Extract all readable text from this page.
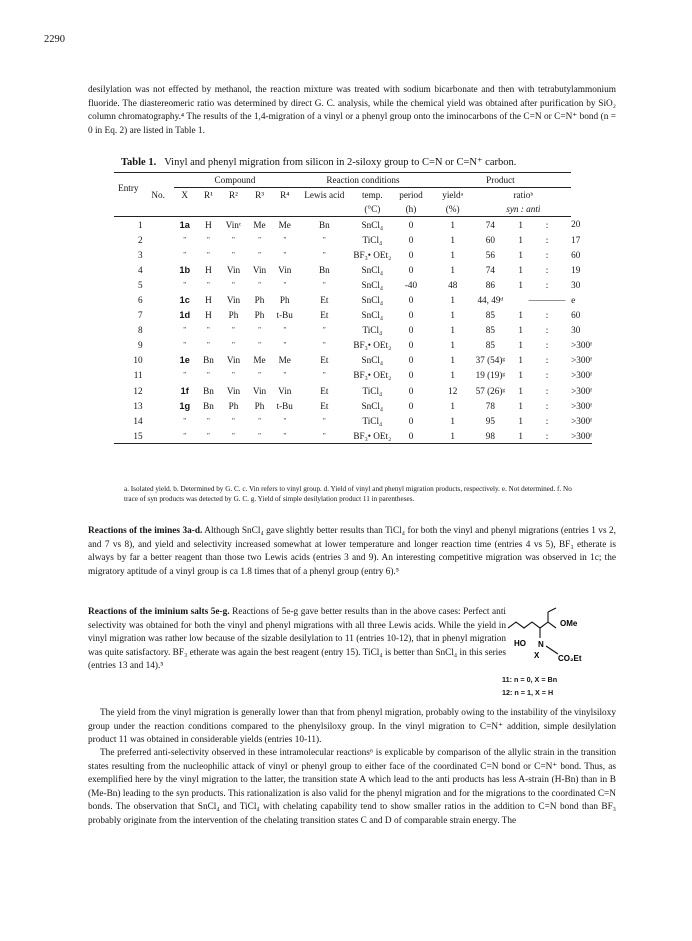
2290

desilylation was not effected by methanol, the reaction mixture was treated with sodium bicarbonate and then with tetrabutylammonium fluoride. The diastereomeric ratio was determined by direct G. C. analysis, while the chemical yield was obtained after purification by SiO₂ column chromatography.⁴ The results of the 1,4-migration of a vinyl or a phenyl group onto the iminocarbons of the C=N or C=N⁺ bond (n = 0 in Eq. 2) are listed in Table 1.

Table 1. Vinyl and phenyl migration from silicon in 2-siloxy group to C=N or C=N⁺ carbon.
Entry		Compound					Reaction conditions			Product				
	No.	X	R¹	R²	R³	R⁴	Lewis acid	temp.	period	yieldᵃ	ratioᵇ			
								(°C)	(h)	(%)	syn : anti			
1		1a	H	Vinᶜ	Me	Me	Bn	SnCl₄	0	1	74	1	:	20
2		"	"	"	"	"	"	TiCl₄	0	1	60	1	:	17
3		"	"	"	"	"	"	BF₃• OEt₂	0	1	56	1	:	60
4		1b	H	Vin	Vin	Vin	Bn	SnCl₄	0	1	74	1	:	19
5		"	"	"	"	"	"	SnCl₄	-40	48	86	1	:	30
6		1c	H	Vin	Ph	Ph	Et	SnCl₄	0	1	44, 49ᵈ		————	e
7		1d	H	Ph	Ph	t-Bu	Et	SnCl₄	0	1	85	1	:	60
8		"	"	"	"	"	"	TiCl₄	0	1	85	1	:	30
9		"	"	"	"	"	"	BF₃• OEt₂	0	1	85	1	:	>300ᶠ
10		1e	Bn	Vin	Me	Me	Et	SnCl₄	0	1	37 (54)ᵍ	1	:	>300ᶠ
11		"	"	"	"	"	"	BF₃• OEt₂	0	1	19 (19)ᵍ	1	:	>300ᶠ
12		1f	Bn	Vin	Vin	Vin	Et	TiCl₄	0	12	57 (26)ᵍ	1	:	>300ᶠ
13		1g	Bn	Ph	Ph	t-Bu	Et	SnCl₄	0	1	78	1	:	>300ᶠ
14		"	"	"	"	"	"	TiCl₄	0	1	95	1	:	>300ᶠ
15		"	"	"	"	"	"	BF₃• OEt₂	0	1	98	1	:	>300ᶠ

a. Isolated yield. b. Determined by G. C. c. Vin refers to vinyl group. d. Yield of vinyl and phenyl migration products, respectively. e. Not determined. f. No trace of syn products was detected by G. C. g. Yield of simple desilylation product 11 in parentheses.

Reactions of the imines 3a-d. Although SnCl₄ gave slightly better results than TiCl₄ for both the vinyl and phenyl migrations (entries 1 vs 2, and 7 vs 8), and yield and selectivity increased somewhat at lower temperature and longer reaction time (entries 4 vs 5), BF₃ etherate is always by far a better reagent than those two Lewis acids (entries 3 and 9). An interesting competitive migration was observed in 1c; the migratory aptitude of a vinyl group is ca 1.8 times that of a phenyl group (entry 6).⁵

Reactions of the iminium salts 5e-g. Reactions of 5e-g gave better results than in the above cases: Perfect anti selectivity was obtained for both the vinyl and phenyl migrations with all three Lewis acids. While the yield in vinyl migration was rather low because of the sizable desilylation to 11 (entries 10-12), that in phenyl migration was quite satisfactory. BF₃ etherate was again the best reagent (entry 15). TiCl₄ is better than SnCl₄ in this series (entries 13 and 14).⁵

OMe
HO N
X CO₂Et
11: n = 0, X = Bn
12: n = 1, X = H

The yield from the vinyl migration is generally lower than that from phenyl migration, probably owing to the instability of the vinylsiloxy group under the reaction conditions compared to the phenylsiloxy group. In the vinyl migration to C=N⁺ addition, simple desilylation product 11 was obtained in considerable yields (entries 10-11).

The preferred anti-selectivity observed in these intramolecular reactions⁶ is explicable by comparison of the allylic strain in the transition states resulting from the nucleophilic attack of vinyl or phenyl group to either face of the coordinated C=N bond or C=N⁺ bond. Thus, as exemplified here by the vinyl migration to the latter, the transition state A which lead to the anti products has less A-strain (H-Bn) than in B (Me-Bn) leading to the syn products. This rationalization is also valid for the phenyl migration and for the migrations to the coordinated C=N bonds. The observation that SnCl₄ and TiCl₄ with chelating capability tend to show smaller ratios in the addition to C=N bond than BF₃ probably originate from the intervention of the chelating transition states C and D of comparable strain energy. The
